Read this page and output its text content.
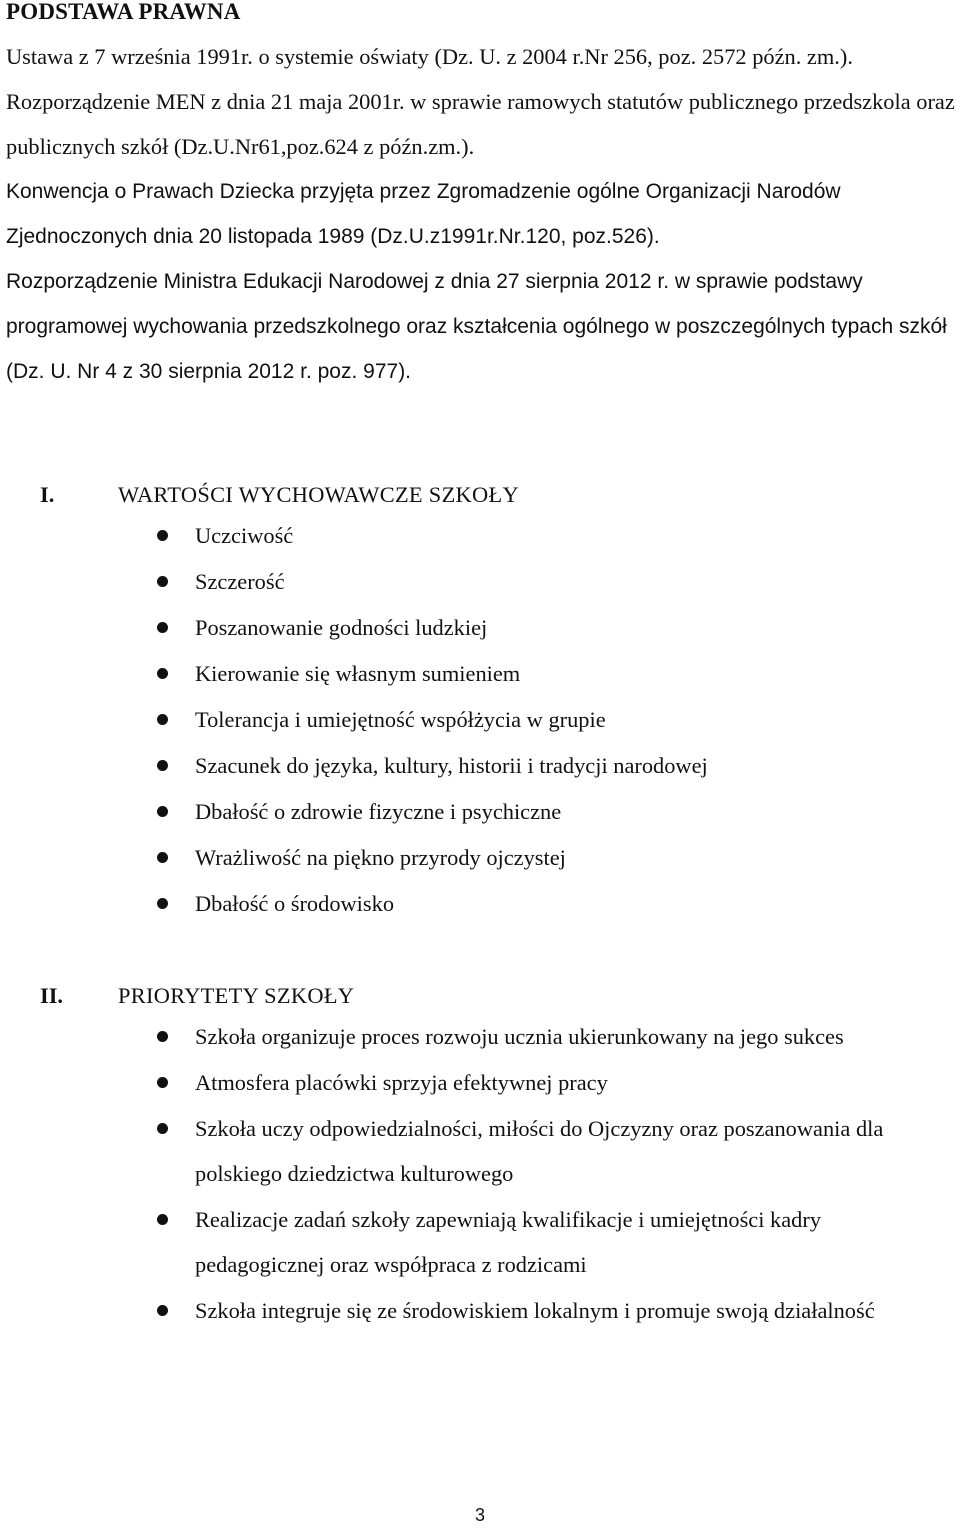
PODSTAWA PRAWNA

Ustawa z 7 września 1991r. o systemie oświaty (Dz. U. z 2004 r.Nr 256, poz. 2572 późn. zm.).

Rozporządzenie MEN z dnia 21 maja 2001r. w sprawie ramowych statutów publicznego przedszkola oraz publicznych szkół (Dz.U.Nr61,poz.624 z późn.zm.).

Konwencja o Prawach Dziecka przyjęta przez Zgromadzenie ogólne Organizacji Narodów Zjednoczonych dnia 20 listopada 1989 (Dz.U.z1991r.Nr.120, poz.526).

Rozporządzenie Ministra Edukacji Narodowej z dnia 27 sierpnia 2012 r. w sprawie podstawy programowej wychowania przedszkolnego oraz kształcenia ogólnego w poszczególnych typach szkół (Dz. U. Nr 4 z 30 sierpnia 2012 r. poz. 977).

I.	WARTOŚCI WYCHOWAWCZE SZKOŁY
Uczciwość
Szczerość
Poszanowanie godności ludzkiej
Kierowanie się własnym sumieniem
Tolerancja i umiejętność współżycia w grupie
Szacunek do języka, kultury, historii i tradycji narodowej
Dbałość o zdrowie fizyczne i psychiczne
Wrażliwość na piękno przyrody ojczystej
Dbałość o środowisko
II. PRIORYTETY SZKOŁY
Szkoła organizuje proces rozwoju ucznia ukierunkowany na jego sukces
Atmosfera placówki sprzyja efektywnej pracy
Szkoła uczy odpowiedzialności, miłości do Ojczyzny oraz poszanowania dla polskiego dziedzictwa kulturowego
Realizacje zadań szkoły zapewniają kwalifikacje i umiejętności kadry pedagogicznej oraz współpraca z rodzicami
Szkoła integruje się ze środowiskiem lokalnym i promuje swoją działalność
3
